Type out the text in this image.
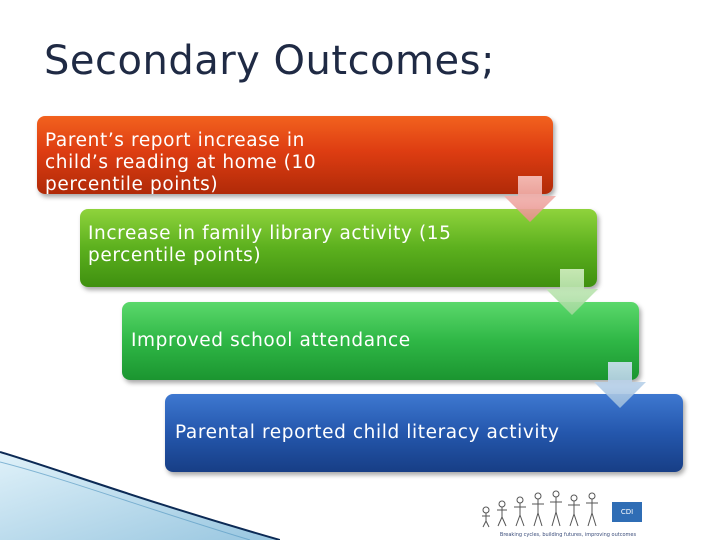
Secondary Outcomes;
Parent’s report increase in child’s reading at home (10 percentile points)
Increase in family library activity (15 percentile points)
Improved school attendance
Parental reported child literacy activity
CDI
Breaking cycles, building futures, improving outcomes
